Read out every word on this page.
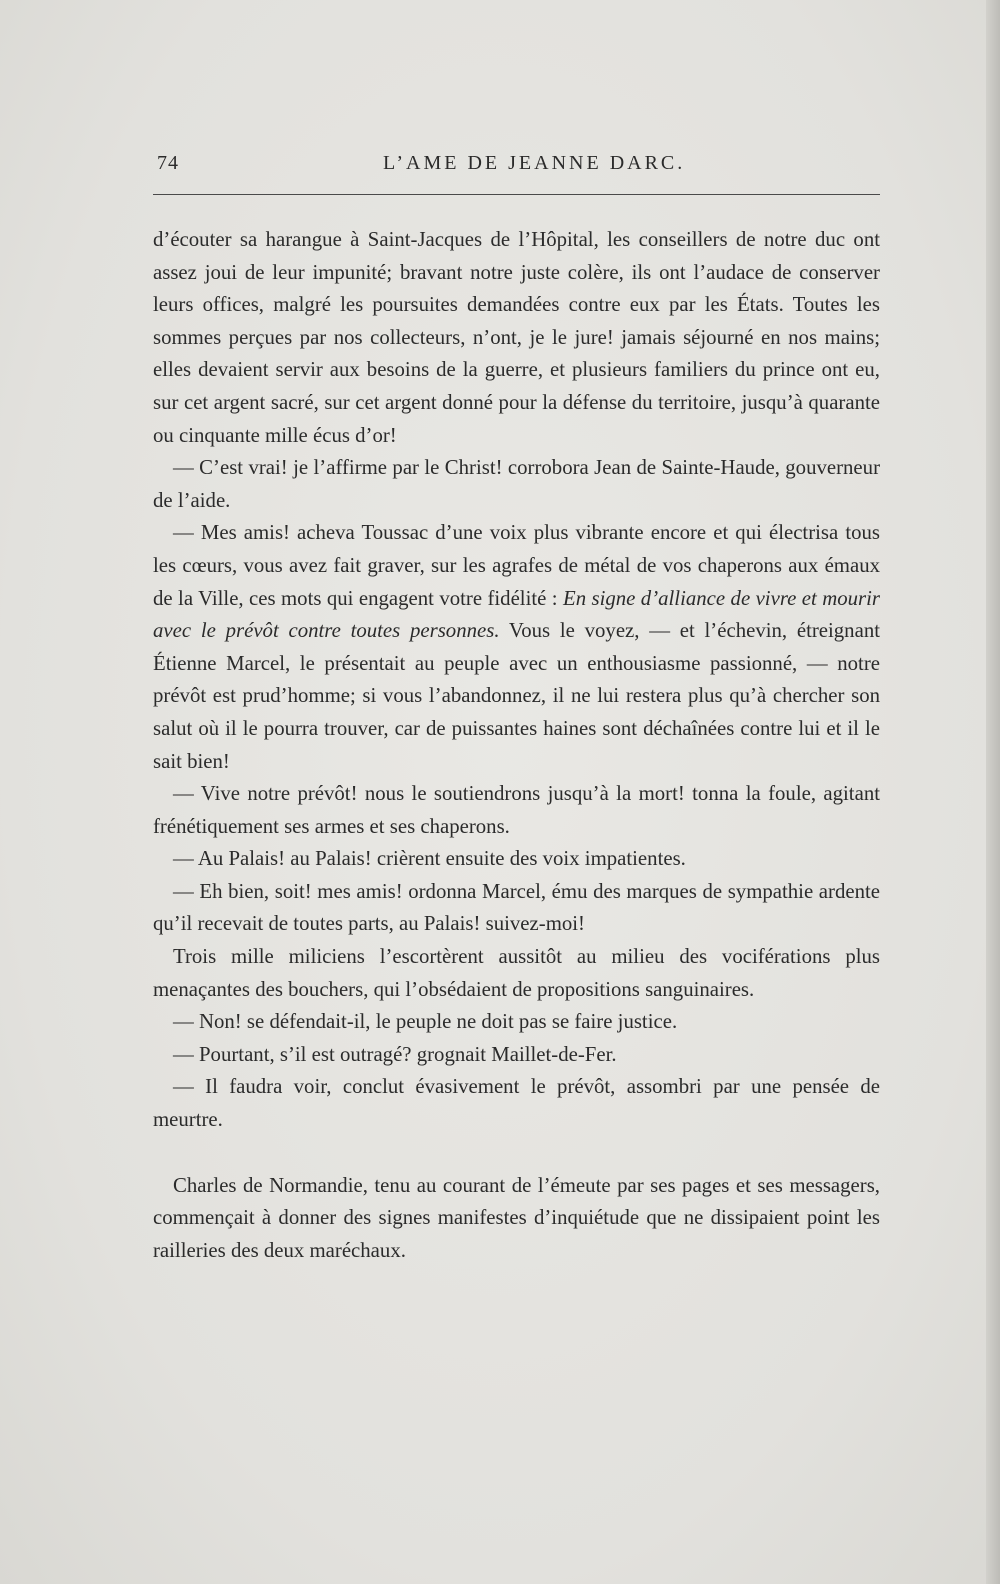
74	L’AME DE JEANNE DARC.

d’écouter sa harangue à Saint-Jacques de l’Hôpital, les conseillers de notre duc ont assez joui de leur impunité; bravant notre juste colère, ils ont l’audace de conserver leurs offices, malgré les poursuites demandées contre eux par les États. Toutes les sommes perçues par nos collecteurs, n’ont, je le jure! jamais séjourné en nos mains; elles devaient servir aux besoins de la guerre, et plusieurs familiers du prince ont eu, sur cet argent sacré, sur cet argent donné pour la défense du territoire, jusqu’à quarante ou cinquante mille écus d’or!

— C’est vrai! je l’affirme par le Christ! corrobora Jean de Sainte-Haude, gouverneur de l’aide.

— Mes amis! acheva Toussac d’une voix plus vibrante encore et qui électrisa tous les cœurs, vous avez fait graver, sur les agrafes de métal de vos chaperons aux émaux de la Ville, ces mots qui engagent votre fidélité : En signe d’alliance de vivre et mourir avec le prévôt contre toutes personnes. Vous le voyez, — et l’échevin, étreignant Étienne Marcel, le présentait au peuple avec un enthousiasme passionné, — notre prévôt est prud’homme; si vous l’abandonnez, il ne lui restera plus qu’à chercher son salut où il le pourra trouver, car de puissantes haines sont déchaînées contre lui et il le sait bien!

— Vive notre prévôt! nous le soutiendrons jusqu’à la mort! tonna la foule, agitant frénétiquement ses armes et ses chaperons.

— Au Palais! au Palais! crièrent ensuite des voix impatientes.

— Eh bien, soit! mes amis! ordonna Marcel, ému des marques de sympathie ardente qu’il recevait de toutes parts, au Palais! suivez-moi!

Trois mille miliciens l’escortèrent aussitôt au milieu des vociférations plus menaçantes des bouchers, qui l’obsédaient de propositions sanguinaires.

— Non! se défendait-il, le peuple ne doit pas se faire justice.

— Pourtant, s’il est outragé? grognait Maillet-de-Fer.

— Il faudra voir, conclut évasivement le prévôt, assombri par une pensée de meurtre.

Charles de Normandie, tenu au courant de l’émeute par ses pages et ses messagers, commençait à donner des signes manifestes d’inquiétude que ne dissipaient point les railleries des deux maréchaux.
